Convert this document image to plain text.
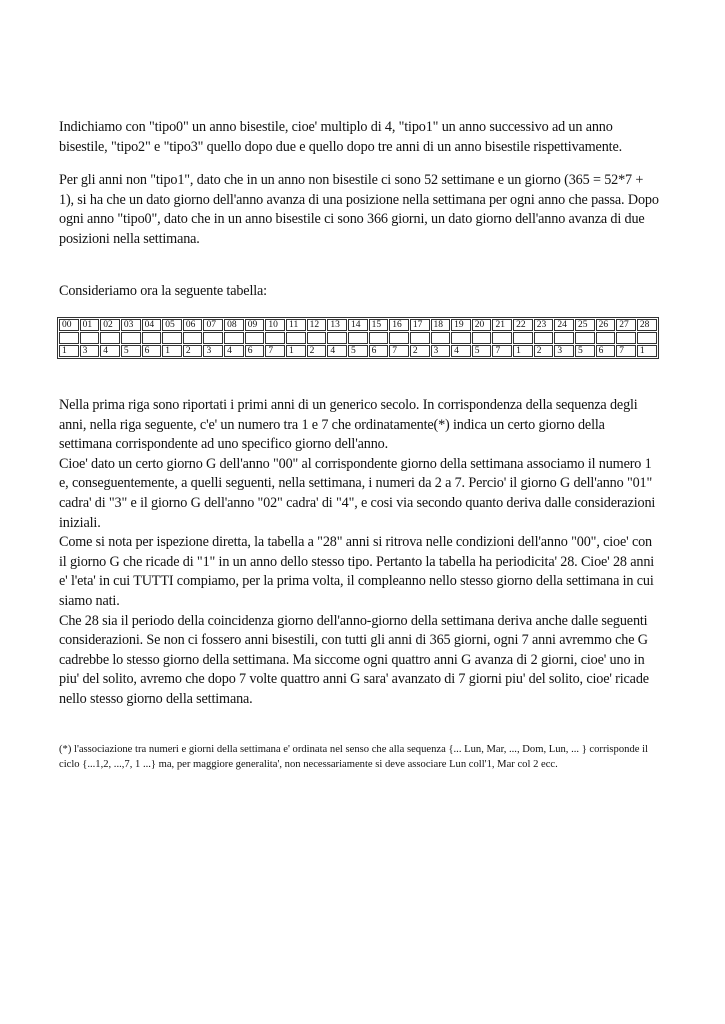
Indichiamo con "tipo0" un anno bisestile, cioe' multiplo di 4, "tipo1" un anno successivo ad un anno bisestile, "tipo2" e "tipo3" quello dopo due e quello dopo tre anni di un anno bisestile rispettivamente.

Per gli anni non "tipo1", dato che in un anno non bisestile ci sono 52 settimane e un giorno (365 = 52*7 + 1), si ha che un dato giorno dell'anno avanza di una posizione nella settimana per ogni anno che passa. Dopo ogni anno "tipo0", dato che in un anno bisestile ci sono 366 giorni, un dato giorno dell'anno avanza di due posizioni nella settimana.

Consideriamo ora la seguente tabella:

00	01	02	03	04	05	06	07	08	09	10	11	12	13	14	15	16	17	18	19	20	21	22	23	24	25	26	27	28

1	3	4	5	6	1	2	3	4	6	7	1	2	4	5	6	7	2	3	4	5	7	1	2	3	5	6	7	1

Nella prima riga sono riportati i primi anni di un generico secolo. In corrispondenza della sequenza degli anni, nella riga seguente, c'e' un numero tra 1 e 7 che ordinatamente(*) indica un certo giorno della settimana corrispondente ad uno specifico giorno dell'anno.
Cioe' dato un certo giorno G dell'anno "00" al corrispondente giorno della settimana associamo il numero 1 e, conseguentemente, a quelli seguenti, nella settimana, i numeri da 2 a 7. Percio' il giorno G dell'anno "01" cadra' di "3" e il giorno G dell'anno "02" cadra' di "4", e cosi via secondo quanto deriva dalle considerazioni iniziali.
Come si nota per ispezione diretta, la tabella a "28" anni si ritrova nelle condizioni dell'anno "00", cioe' con il giorno G che ricade di "1" in un anno dello stesso tipo. Pertanto la tabella ha periodicita' 28. Cioe' 28 anni e' l'eta' in cui TUTTI compiamo, per la prima volta, il compleanno nello stesso giorno della settimana in cui siamo nati.
Che 28 sia il periodo della coincidenza giorno dell'anno-giorno della settimana deriva anche dalle seguenti considerazioni. Se non ci fossero anni bisestili, con tutti gli anni di 365 giorni, ogni 7 anni avremmo che G cadrebbe lo stesso giorno della settimana. Ma siccome ogni quattro anni G avanza di 2 giorni, cioe' uno in piu' del solito, avremo che dopo 7 volte quattro anni G sara' avanzato di 7 giorni piu' del solito, cioe' ricade nello stesso giorno della settimana.

(*) l'associazione tra numeri e giorni della settimana e' ordinata nel senso che alla sequenza {... Lun, Mar, ..., Dom, Lun, ... } corrisponde il ciclo {...1,2, ...,7, 1 ...} ma, per maggiore generalita', non necessariamente si deve associare Lun coll'1, Mar col 2 ecc.
